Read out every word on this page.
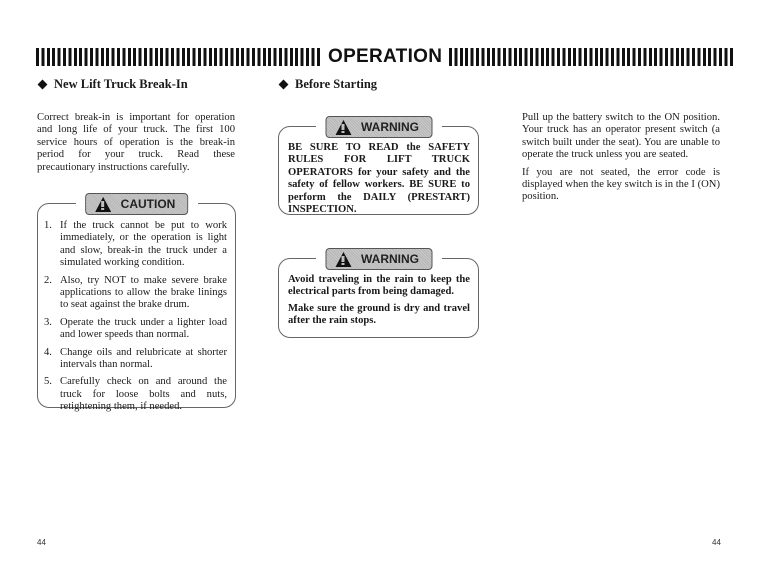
OPERATION
New Lift Truck Break-In	Before Starting

Correct break-in is important for operation and long life of your truck. The first 100 service hours of operation is the break-in period for your truck. Read these precautionary instructions carefully.

CAUTION
1. If the truck cannot be put to work immediately, or the operation is light and slow, break-in the truck under a simulated working condition.
2. Also, try NOT to make severe brake applications to allow the brake linings to seat against the brake drum.
3. Operate the truck under a lighter load and lower speeds than normal.
4. Change oils and relubricate at shorter intervals than normal.
5. Carefully check on and around the truck for loose bolts and nuts, retightening them, if needed.
WARNING

BE SURE TO READ the SAFETY RULES FOR LIFT TRUCK OPERATORS for your safety and the safety of fellow workers. BE SURE to perform the DAILY (PRESTART) INSPECTION.

WARNING

Avoid traveling in the rain to keep the electrical parts from being damaged.

Make sure the ground is dry and travel after the rain stops.

Pull up the battery switch to the ON position. Your truck has an operator present switch (a switch built under the seat). You are unable to operate the truck unless you are seated.

If you are not seated, the error code is displayed when the key switch is in the I (ON) position.

44	44
